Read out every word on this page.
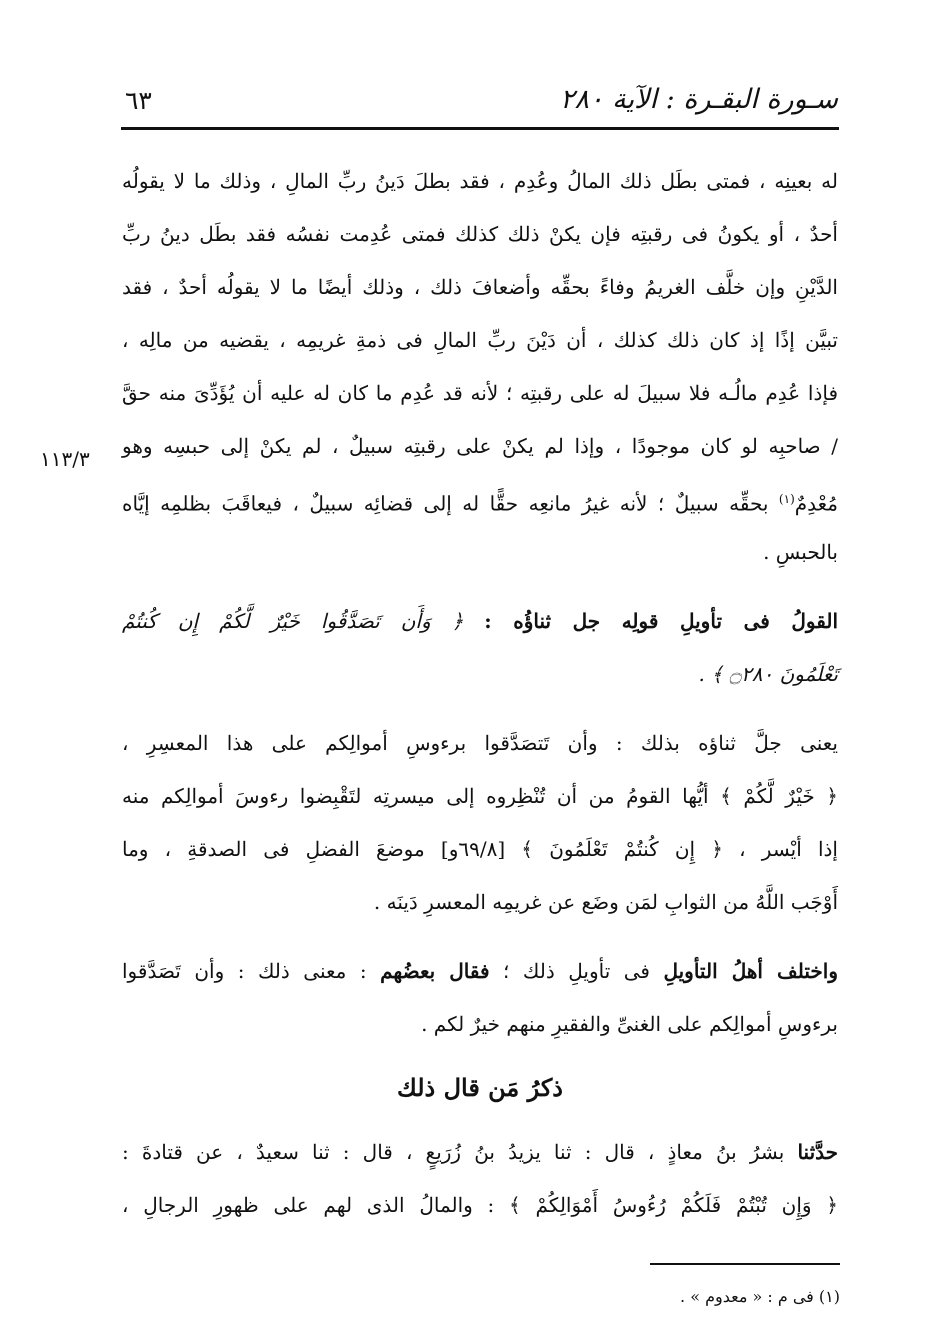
سـورة البقـرة : الآية ٢٨٠
٦٣
١١٣/٣

له بعينِه ، فمتى بطَل ذلك المالُ وعُدِم ، فقد بطلَ دَينُ ربِّ المالِ ، وذلك ما لا يقولُه
أحدٌ ، أو يكونُ فى رقبتِه فإن يكنْ ذلك كذلك فمتى عُدِمت نفسُه فقد بطَل دينُ ربِّ
الدَّيْنِ وإن خلَّف الغريمُ وفاءً بحقِّه وأضعافَ ذلك ، وذلك أيضًا ما لا يقولُه أحدٌ ، فقد
تبيَّن إذًا إذ كان ذلك كذلك ، أن دَيْنَ ربِّ المالِ فى ذمةِ غريمِه ، يقضيه من مالِه ،
فإذا عُدِم مالُـه فلا سبيلَ له على رقبتِه ؛ لأنه قد عُدِم ما كان له عليه أن يُؤَدِّىَ منه حقَّ
/ صاحبِه لو كان موجودًا ، وإذا لم يكنْ على رقبتِه سبيلٌ ، لم يكنْ إلى حبسِه وهو
مُعْدِمٌ$^{(١)}$ بحقِّه سبيلٌ ؛ لأنه غيرُ مانعِه حقًّا له إلى قضائِه سبيلٌ ، فيعاقَبَ بظلمِه إيَّاه
بالحبسِ .

القولُ فى تأويلِ قولِه جل ثناؤُه : ﴿ وَأَن تَصَدَّقُوا خَيْرٌ لَّكُمْ إِن كُنتُمْ
تَعْلَمُونَ ۝٢٨٠ ﴾ .

يعنى جلَّ ثناؤه بذلك : وأن تَتصَدَّقوا برءوسِ أموالِكم على هذا المعسِرِ ،
﴿ خَيْرٌ لَّكُمْ ﴾ أيُّها القومُ من أن تُنْظِروه إلى ميسرتِه لتَقْبِضوا رءوسَ أموالِكم منه
إذا أيْسر ، ﴿ إِن كُنتُمْ تَعْلَمُونَ ﴾ [٦٩/٨و] موضعَ الفضلِ فى الصدقةِ ، وما
أَوْجَب اللَّهُ من الثوابِ لمَن وضَع عن غريمِه المعسرِ دَينَه .

واختلف أهلُ التأويلِ فى تأويلِ ذلك ؛ فقال بعضُهم : معنى ذلك : وأن تَصَدَّقوا
برءوسِ أموالِكم على الغنىِّ والفقيرِ منهم خيرٌ لكم .

ذكرُ مَن قال ذلك

حدَّثنا بشرُ بنُ معاذٍ ، قال : ثنا يزيدُ بنُ زُرَيعٍ ، قال : ثنا سعيدٌ ، عن قتادةَ :
﴿ وَإِن تُبْتُمْ فَلَكُمْ رُءُوسُ أَمْوَالِكُمْ ﴾ : والمالُ الذى لهم على ظهورِ الرجالِ ،

(١) فى م : « معدوم » .
